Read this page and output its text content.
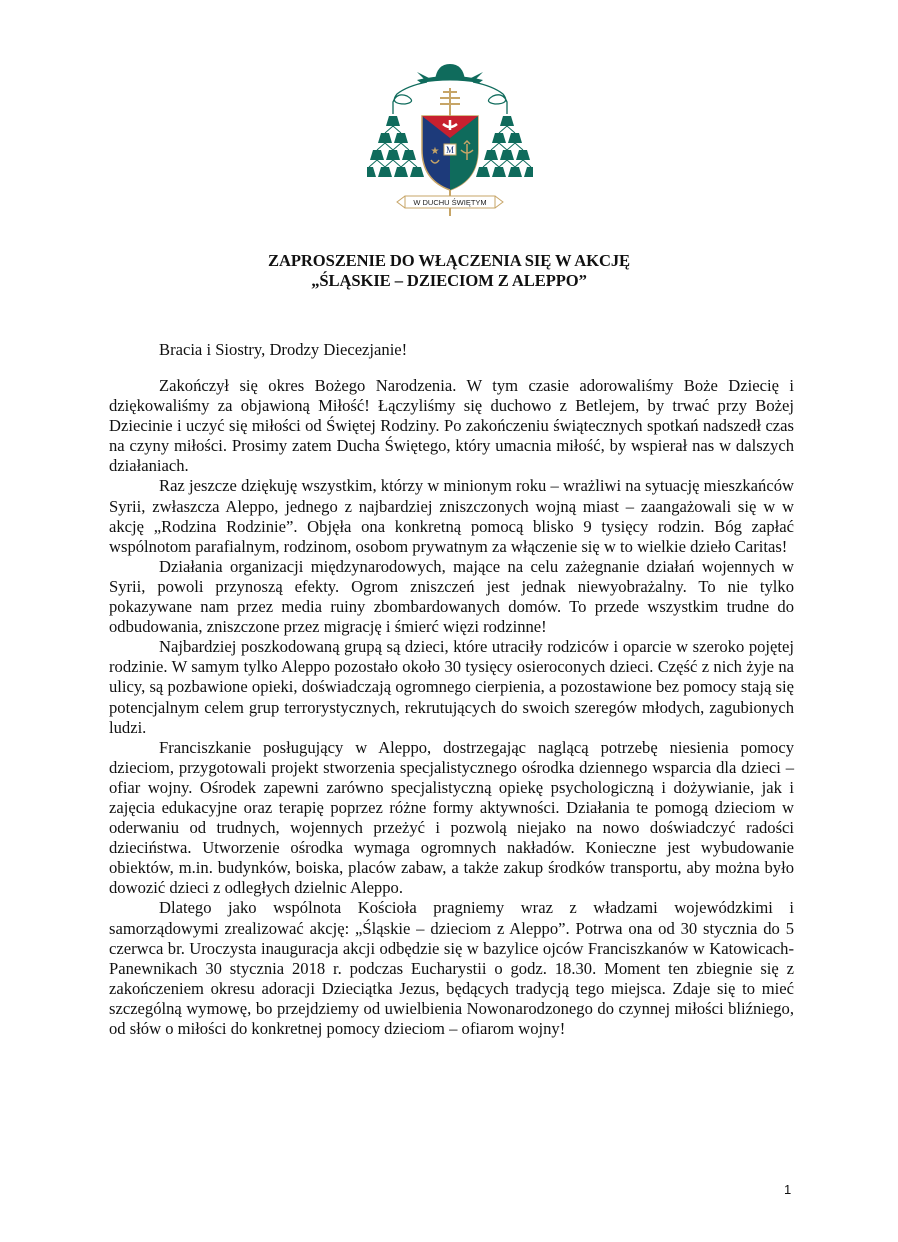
M
★
W DUCHU ŚWIĘTYM
ZAPROSZENIE DO WŁĄCZENIA SIĘ W AKCJĘ
„ŚLĄSKIE – DZIECIOM Z ALEPPO”
Bracia i Siostry, Drodzy Diecezjanie!

Zakończył się okres Bożego Narodzenia. W tym czasie adorowaliśmy Boże Dziecię i dziękowaliśmy za objawioną Miłość! Łączyliśmy się duchowo z Betlejem, by trwać przy Bożej Dziecinie i uczyć się miłości od Świętej Rodziny. Po zakończeniu świątecznych spotkań nadszedł czas na czyny miłości. Prosimy zatem Ducha Świętego, który umacnia miłość, by wspierał nas w dalszych działaniach.

Raz jeszcze dziękuję wszystkim, którzy w minionym roku – wrażliwi na sytuację mieszkańców Syrii, zwłaszcza Aleppo, jednego z najbardziej zniszczonych wojną miast – zaangażowali się w w akcję „Rodzina Rodzinie”. Objęła ona konkretną pomocą blisko 9 tysięcy rodzin. Bóg zapłać wspólnotom parafialnym, rodzinom, osobom prywatnym za włączenie się w to wielkie dzieło Caritas!

Działania organizacji międzynarodowych, mające na celu zażegnanie działań wojennych w Syrii, powoli przynoszą efekty. Ogrom zniszczeń jest jednak niewyobrażalny. To nie tylko pokazywane nam przez media ruiny zbombardowanych domów. To przede wszystkim trudne do odbudowania, zniszczone przez migrację i śmierć więzi rodzinne!

Najbardziej poszkodowaną grupą są dzieci, które utraciły rodziców i oparcie w szeroko pojętej rodzinie. W samym tylko Aleppo pozostało około 30 tysięcy osieroconych dzieci. Część z nich żyje na ulicy, są pozbawione opieki, doświadczają ogromnego cierpienia, a pozostawione bez pomocy stają się potencjalnym celem grup terrorystycznych, rekrutujących do swoich szeregów młodych, zagubionych ludzi.

Franciszkanie posługujący w Aleppo, dostrzegając naglącą potrzebę niesienia pomocy dzieciom, przygotowali projekt stworzenia specjalistycznego ośrodka dziennego wsparcia dla dzieci – ofiar wojny. Ośrodek zapewni zarówno specjalistyczną opiekę psychologiczną i dożywianie, jak i zajęcia edukacyjne oraz terapię poprzez różne formy aktywności. Działania te pomogą dzieciom w oderwaniu od trudnych, wojennych przeżyć i pozwolą niejako na nowo doświadczyć radości dzieciństwa. Utworzenie ośrodka wymaga ogromnych nakładów. Konieczne jest wybudowanie obiektów, m.in. budynków, boiska, placów zabaw, a także zakup środków transportu, aby można było dowozić dzieci z odległych dzielnic Aleppo.

Dlatego jako wspólnota Kościoła pragniemy wraz z władzami wojewódzkimi i samorządowymi zrealizować akcję: „Śląskie – dzieciom z Aleppo”. Potrwa ona od 30 stycznia do 5 czerwca br. Uroczysta inauguracja akcji odbędzie się w bazylice ojców Franciszkanów w Katowicach-Panewnikach 30 stycznia 2018 r. podczas Eucharystii o godz. 18.30. Moment ten zbiegnie się z zakończeniem okresu adoracji Dzieciątka Jezus, będących tradycją tego miejsca. Zdaje się to mieć szczególną wymowę, bo przejdziemy od uwielbienia Nowonarodzonego do czynnej miłości bliźniego, od słów o miłości do konkretnej pomocy dzieciom – ofiarom wojny!

1
